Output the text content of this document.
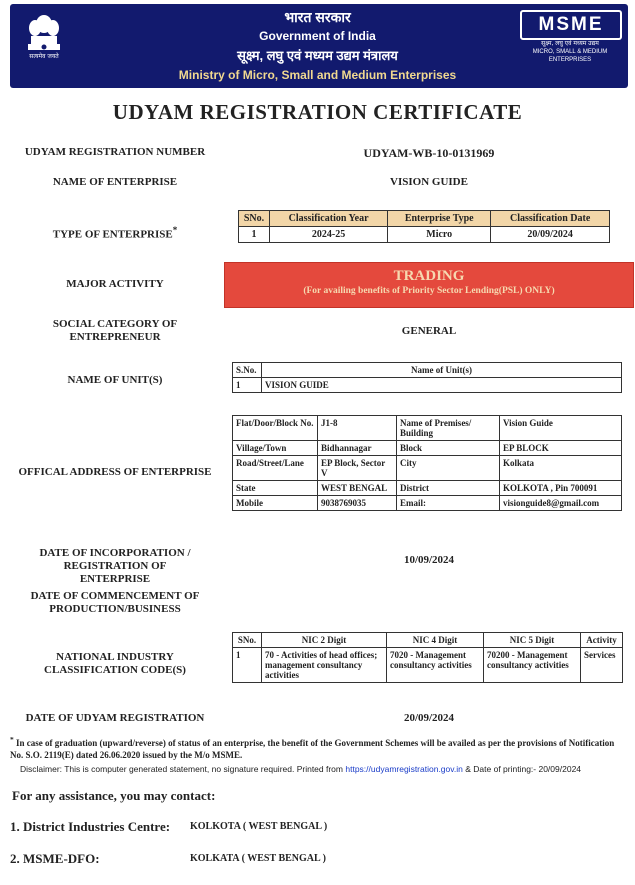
सत्यमेव जयते
भारत सरकार
Government of India
सूक्ष्म, लघु एवं मध्यम उद्यम मंत्रालय
Ministry of Micro, Small and Medium Enterprises
MSME
सूक्ष्म, लघु एवं मध्यम उद्यम
MICRO, SMALL & MEDIUM ENTERPRISES
UDYAM REGISTRATION CERTIFICATE
UDYAM REGISTRATION NUMBER	UDYAM-WB-10-0131969
NAME OF ENTERPRISE	VISION GUIDE
TYPE OF ENTERPRISE*
SNo.	Classification Year	Enterprise Type	Classification Date
1	2024-25	Micro	20/09/2024
MAJOR ACTIVITY	TRADING
(For availing benefits of Priority Sector Lending(PSL) ONLY)
SOCIAL CATEGORY OF ENTREPRENEUR	GENERAL
NAME OF UNIT(S)
S.No.	Name of Unit(s)
1	VISION GUIDE
OFFICAL ADDRESS OF ENTERPRISE
Flat/Door/Block No.	J1-8	Name of Premises/ Building	Vision Guide
Village/Town	Bidhannagar	Block	EP BLOCK
Road/Street/Lane	EP Block, Sector V	City	Kolkata
State	WEST BENGAL	District	KOLKOTA , Pin 700091
Mobile	9038769035	Email:	visionguide8@gmail.com
DATE OF INCORPORATION / REGISTRATION OF ENTERPRISE
10/09/2024
DATE OF COMMENCEMENT OF PRODUCTION/BUSINESS
NATIONAL INDUSTRY CLASSIFICATION CODE(S)
SNo.	NIC 2 Digit	NIC 4 Digit	NIC 5 Digit	Activity
1	70 - Activities of head offices; management consultancy activities	7020 - Management consultancy activities	70200 - Management consultancy activities	Services
DATE OF UDYAM REGISTRATION	20/09/2024
* In case of graduation (upward/reverse) of status of an enterprise, the benefit of the Government Schemes will be availed as per the provisions of Notification No. S.O. 2119(E) dated 26.06.2020 issued by the M/o MSME.
Disclaimer: This is computer generated statement, no signature required. Printed from https://udyamregistration.gov.in & Date of printing:- 20/09/2024
For any assistance, you may contact:
1. District Industries Centre: KOLKOTA ( WEST BENGAL )
2. MSME-DFO:	KOLKATA ( WEST BENGAL )
